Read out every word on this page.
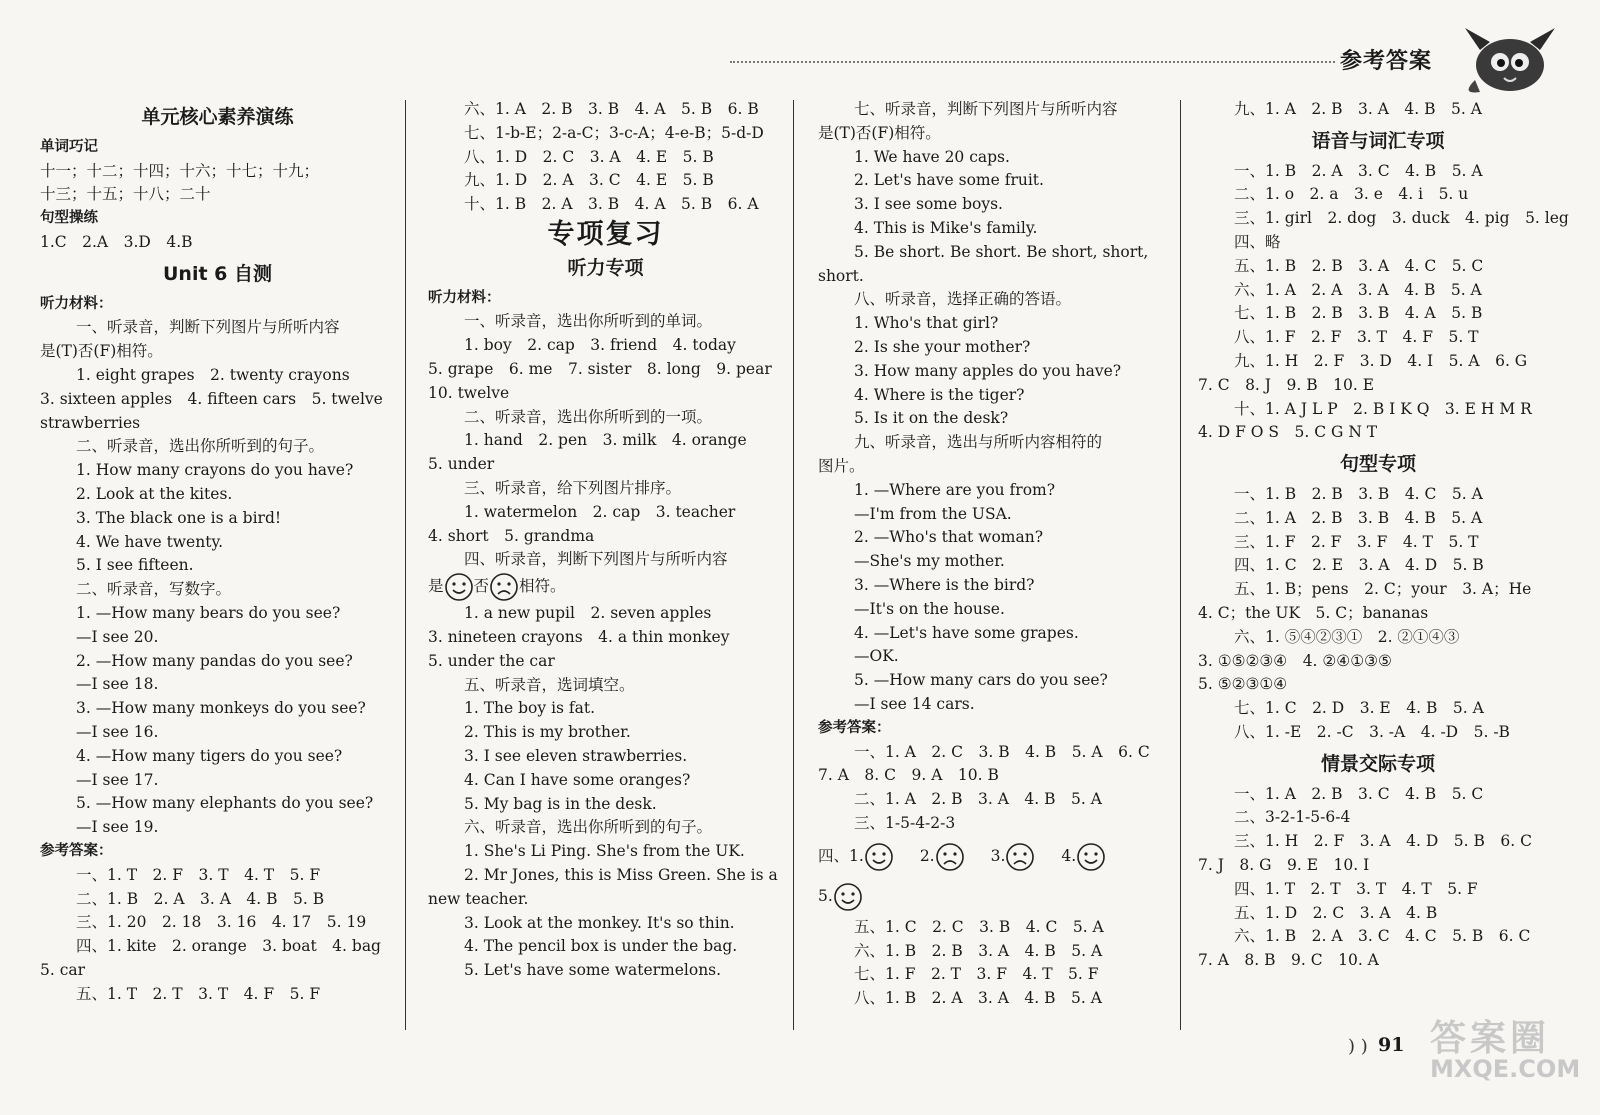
参考答案
单元核心素养演练
单词巧记
十一；十二；十四；十六；十七；十九；
十三；十五；十八；二十
句型操练
1.C　2.A　3.D　4.B
Unit 6 自测
听力材料：
一、听录音，判断下列图片与所听内容
是(T)否(F)相符。
1. eight grapes　2. twenty crayons
3. sixteen apples　4. fifteen cars　5. twelve
strawberries
二、听录音，选出你所听到的句子。
1. How many crayons do you have?
2. Look at the kites.
3. The black one is a bird!
4. We have twenty.
5. I see fifteen.
二、听录音，写数字。
1. —How many bears do you see?
—I see 20.
2. —How many pandas do you see?
—I see 18.
3. —How many monkeys do you see?
—I see 16.
4. —How many tigers do you see?
—I see 17.
5. —How many elephants do you see?
—I see 19.
参考答案：
一、1. T　2. F　3. T　4. T　5. F
二、1. B　2. A　3. A　4. B　5. B
三、1. 20　2. 18　3. 16　4. 17　5. 19
四、1. kite　2. orange　3. boat　4. bag
5. car
五、1. T　2. T　3. T　4. F　5. F
六、1. A　2. B　3. B　4. A　5. B　6. B
七、1-b-E；2-a-C；3-c-A；4-e-B；5-d-D
八、1. D　2. C　3. A　4. E　5. B
九、1. D　2. A　3. C　4. E　5. B
十、1. B　2. A　3. B　4. A　5. B　6. A
专项复习
听力专项
听力材料：
一、听录音，选出你所听到的单词。
1. boy　2. cap　3. friend　4. today
5. grape　6. me　7. sister　8. long　9. pear
10. twelve
二、听录音，选出你所听到的一项。
1. hand　2. pen　3. milk　4. orange
5. under
三、听录音，给下列图片排序。
1. watermelon　2. cap　3. teacher
4. short　5. grandma
四、听录音，判断下列图片与所听内容
是 否 相符。
1. a new pupil　2. seven apples
3. nineteen crayons　4. a thin monkey
5. under the car
五、听录音，选词填空。
1. The boy is fat.
2. This is my brother.
3. I see eleven strawberries.
4. Can I have some oranges?
5. My bag is in the desk.
六、听录音，选出你所听到的句子。
1. She's Li Ping. She's from the UK.
2. Mr Jones, this is Miss Green. She is a
new teacher.
3. Look at the monkey. It's so thin.
4. The pencil box is under the bag.
5. Let's have some watermelons.
七、听录音，判断下列图片与所听内容
是(T)否(F)相符。
1. We have 20 caps.
2. Let's have some fruit.
3. I see some boys.
4. This is Mike's family.
5. Be short. Be short. Be short, short,
short.
八、听录音，选择正确的答语。
1. Who's that girl?
2. Is she your mother?
3. How many apples do you have?
4. Where is the tiger?
5. Is it on the desk?
九、听录音，选出与所听内容相符的
图片。
1. —Where are you from?
—I'm from the USA.
2. —Who's that woman?
—She's my mother.
3. —Where is the bird?
—It's on the house.
4. —Let's have some grapes.
—OK.
5. —How many cars do you see?
—I see 14 cars.
参考答案：
一、1. A　2. C　3. B　4. B　5. A　6. C
7. A　8. C　9. A　10. B
二、1. A　2. B　3. A　4. B　5. A
三、1-5-4-2-3
四、1.	2.	3.	4.
5.
五、1. C　2. C　3. B　4. C　5. A
六、1. B　2. B　3. A　4. B　5. A
七、1. F　2. T　3. F　4. T　5. F
八、1. B　2. A　3. A　4. B　5. A
九、1. A　2. B　3. A　4. B　5. A
语音与词汇专项
一、1. B　2. A　3. C　4. B　5. A
二、1. o　2. a　3. e　4. i　5. u
三、1. girl　2. dog　3. duck　4. pig　5. leg
四、略
五、1. B　2. B　3. A　4. C　5. C
六、1. A　2. A　3. A　4. B　5. A
七、1. B　2. B　3. B　4. A　5. B
八、1. F　2. F　3. T　4. F　5. T
九、1. H　2. F　3. D　4. I　5. A　6. G
7. C　8. J　9. B　10. E
十、1. A J L P　2. B I K Q　3. E H M R
4. D F O S　5. C G N T
句型专项
一、1. B　2. B　3. B　4. C　5. A
二、1. A　2. B　3. B　4. B　5. A
三、1. F　2. F　3. F　4. T　5. T
四、1. C　2. E　3. A　4. D　5. B
五、1. B；pens　2. C；your　3. A；He
4. C；the UK　5. C；bananas
六、1. ⑤④②③①　2. ②①④③
3. ①⑤②③④　4. ②④①③⑤
5. ⑤②③①④
七、1. C　2. D　3. E　4. B　5. A
八、1. -E　2. -C　3. -A　4. -D　5. -B
情景交际专项
一、1. A　2. B　3. C　4. B　5. C
二、3-2-1-5-6-4
三、1. H　2. F　3. A　4. D　5. B　6. C
7. J　8. G　9. E　10. I
四、1. T　2. T　3. T　4. T　5. F
五、1. D　2. C　3. A　4. B
六、1. B　2. A　3. C　4. C　5. B　6. C
7. A　8. B　9. C　10. A
) ) 91 答案圈
MXQE.COM
